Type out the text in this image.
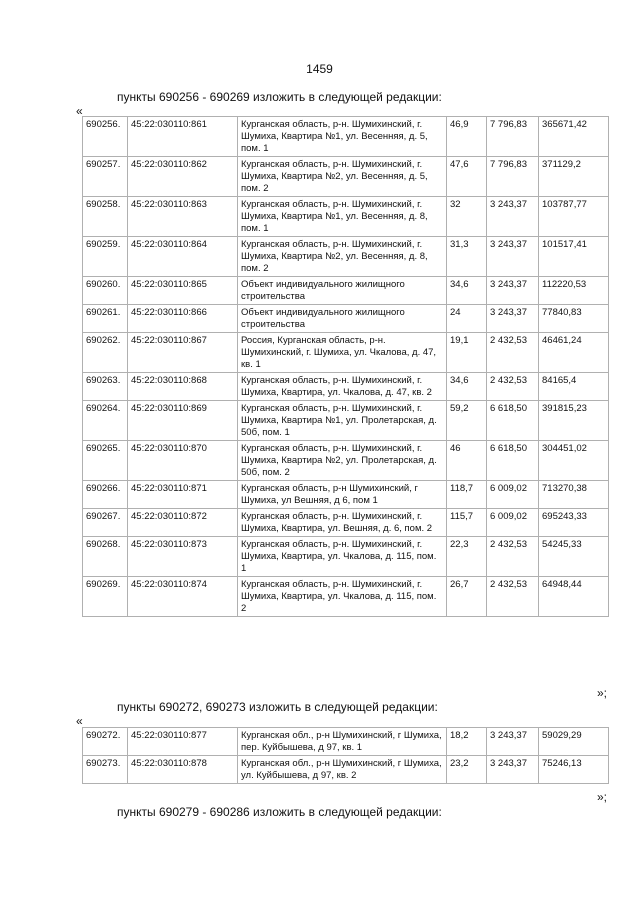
1459
пункты 690256 - 690269 изложить в следующей редакции:
«
690256.	45:22:030110:861	Курганская область, р-н. Шумихинский, г. Шумиха, Квартира №1, ул. Весенняя, д. 5, пом. 1	46,9	7 796,83	365671,42
690257.	45:22:030110:862	Курганская область, р-н. Шумихинский, г. Шумиха, Квартира №2, ул. Весенняя, д. 5, пом. 2	47,6	7 796,83	371129,2
690258.	45:22:030110:863	Курганская область, р-н. Шумихинский, г. Шумиха, Квартира №1, ул. Весенняя, д. 8, пом. 1	32	3 243,37	103787,77
690259.	45:22:030110:864	Курганская область, р-н. Шумихинский, г. Шумиха, Квартира №2, ул. Весенняя, д. 8, пом. 2	31,3	3 243,37	101517,41
690260.	45:22:030110:865	Объект индивидуального жилищного строительства	34,6	3 243,37	112220,53
690261.	45:22:030110:866	Объект индивидуального жилищного строительства	24	3 243,37	77840,83
690262.	45:22:030110:867	Россия, Курганская область, р-н. Шумихинский, г. Шумиха, ул. Чкалова, д. 47, кв. 1	19,1	2 432,53	46461,24
690263.	45:22:030110:868	Курганская область, р-н. Шумихинский, г. Шумиха, Квартира, ул. Чкалова, д. 47, кв. 2	34,6	2 432,53	84165,4
690264.	45:22:030110:869	Курганская область, р-н. Шумихинский, г. Шумиха, Квартира №1, ул. Пролетарская, д. 50б, пом. 1	59,2	6 618,50	391815,23
690265.	45:22:030110:870	Курганская область, р-н. Шумихинский, г. Шумиха, Квартира №2, ул. Пролетарская, д. 50б, пом. 2	46	6 618,50	304451,02
690266.	45:22:030110:871	Курганская область, р-н Шумихинский, г Шумиха, ул Вешняя, д 6, пом 1	118,7	6 009,02	713270,38
690267.	45:22:030110:872	Курганская область, р-н. Шумихинский, г. Шумиха, Квартира, ул. Вешняя, д. 6, пом. 2	115,7	6 009,02	695243,33
690268.	45:22:030110:873	Курганская область, р-н. Шумихинский, г. Шумиха, Квартира, ул. Чкалова, д. 115, пом. 1	22,3	2 432,53	54245,33
690269.	45:22:030110:874	Курганская область, р-н. Шумихинский, г. Шумиха, Квартира, ул. Чкалова, д. 115, пом. 2	26,7	2 432,53	64948,44
»;
пункты 690272, 690273 изложить в следующей редакции:
«
690272.	45:22:030110:877	Курганская обл., р-н Шумихинский, г Шумиха, пер. Куйбышева, д 97, кв. 1	18,2	3 243,37	59029,29
690273.	45:22:030110:878	Курганская обл., р-н Шумихинский, г Шумиха, ул. Куйбышева, д 97, кв. 2	23,2	3 243,37	75246,13
»;
пункты 690279 - 690286 изложить в следующей редакции:
